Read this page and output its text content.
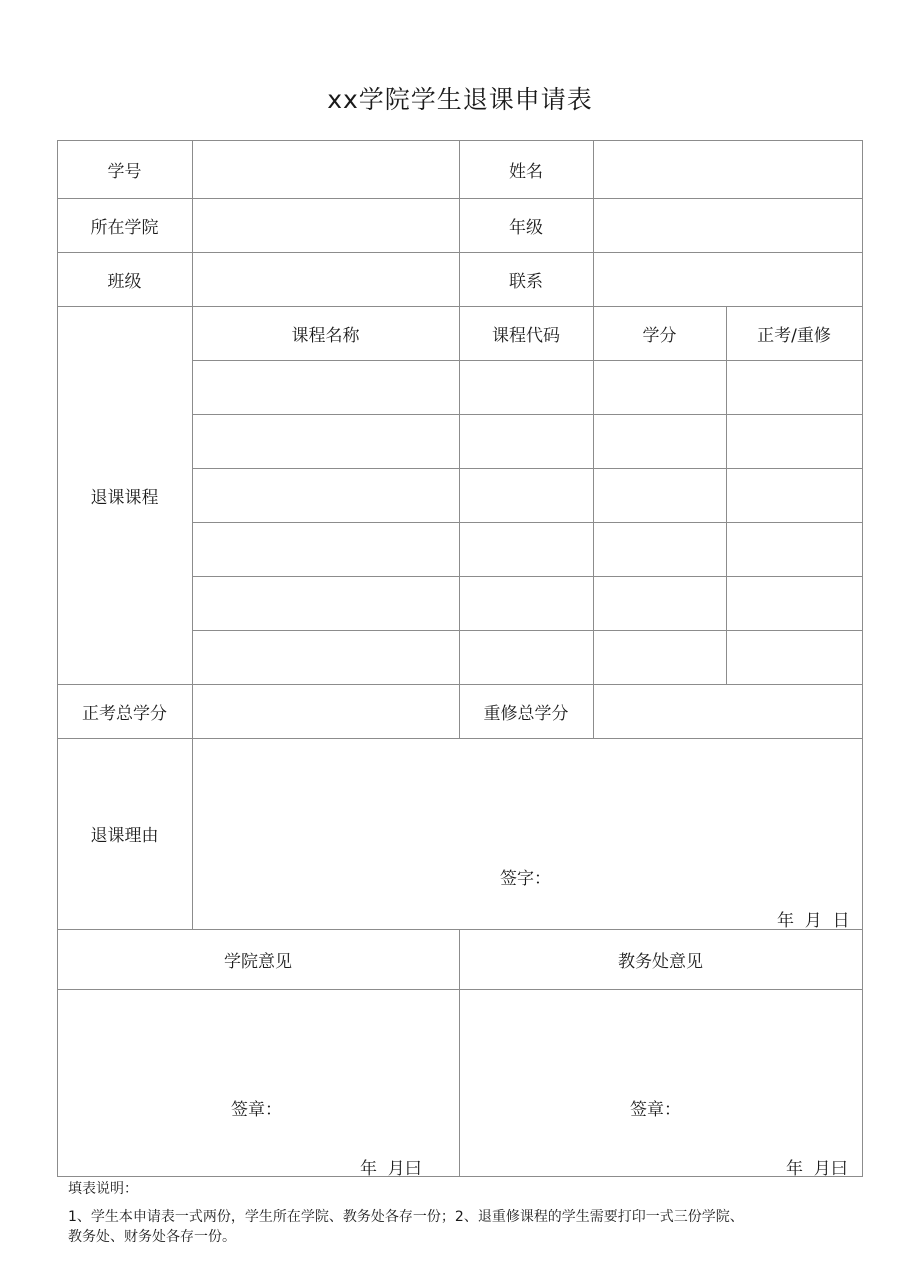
xx学院学生退课申请表
学号	姓名
所在学院	年级
班级	联系
退课课程
课程名称	课程代码	学分	正考/重修
正考总学分	重修总学分
退课理由
签字：
年  月  日
学院意见	教务处意见
签章：
年  月曰
签章：
年  月曰
填表说明：
1、学生本申请表一式两份，学生所在学院、教务处各存一份；2、退重修课程的学生需要打印一式三份学院、
教务处、财务处各存一份。
